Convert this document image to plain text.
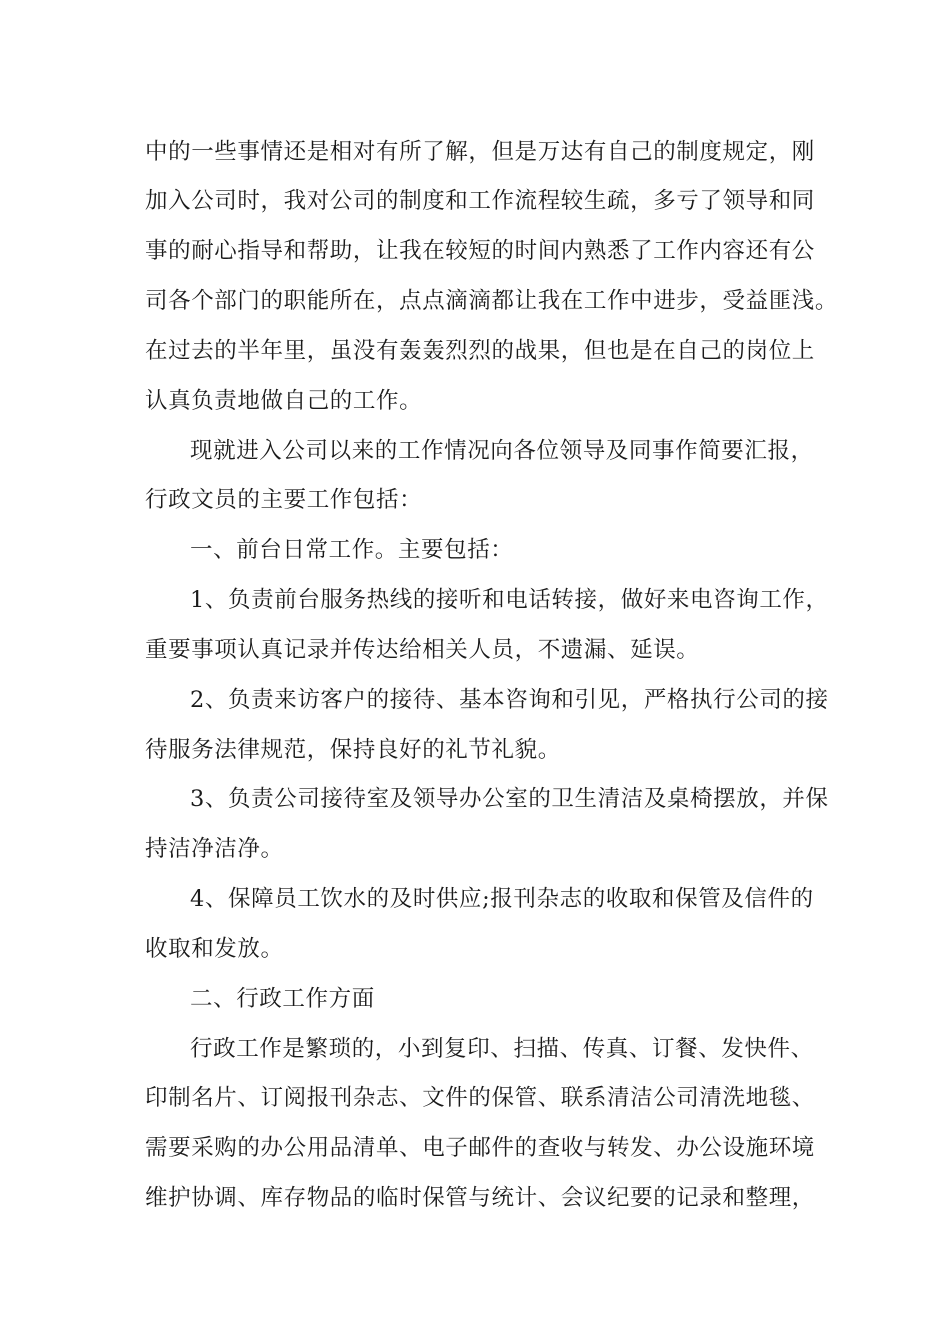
中的一些事情还是相对有所了解，但是万达有自己的制度规定，刚
加入公司时，我对公司的制度和工作流程较生疏，多亏了领导和同
事的耐心指导和帮助，让我在较短的时间内熟悉了工作内容还有公
司各个部门的职能所在，点点滴滴都让我在工作中进步，受益匪浅。
在过去的半年里，虽没有轰轰烈烈的战果，但也是在自己的岗位上
认真负责地做自己的工作。
现就进入公司以来的工作情况向各位领导及同事作简要汇报，
行政文员的主要工作包括：
一、前台日常工作。主要包括：
1、负责前台服务热线的接听和电话转接，做好来电咨询工作，
重要事项认真记录并传达给相关人员，不遗漏、延误。
2、负责来访客户的接待、基本咨询和引见，严格执行公司的接
待服务法律规范，保持良好的礼节礼貌。
3、负责公司接待室及领导办公室的卫生清洁及桌椅摆放，并保
持洁净洁净。
4、保障员工饮水的及时供应;报刊杂志的收取和保管及信件的
收取和发放。
二、行政工作方面
行政工作是繁琐的，小到复印、扫描、传真、订餐、发快件、
印制名片、订阅报刊杂志、文件的保管、联系清洁公司清洗地毯、
需要采购的办公用品清单、电子邮件的查收与转发、办公设施环境
维护协调、库存物品的临时保管与统计、会议纪要的记录和整理，
